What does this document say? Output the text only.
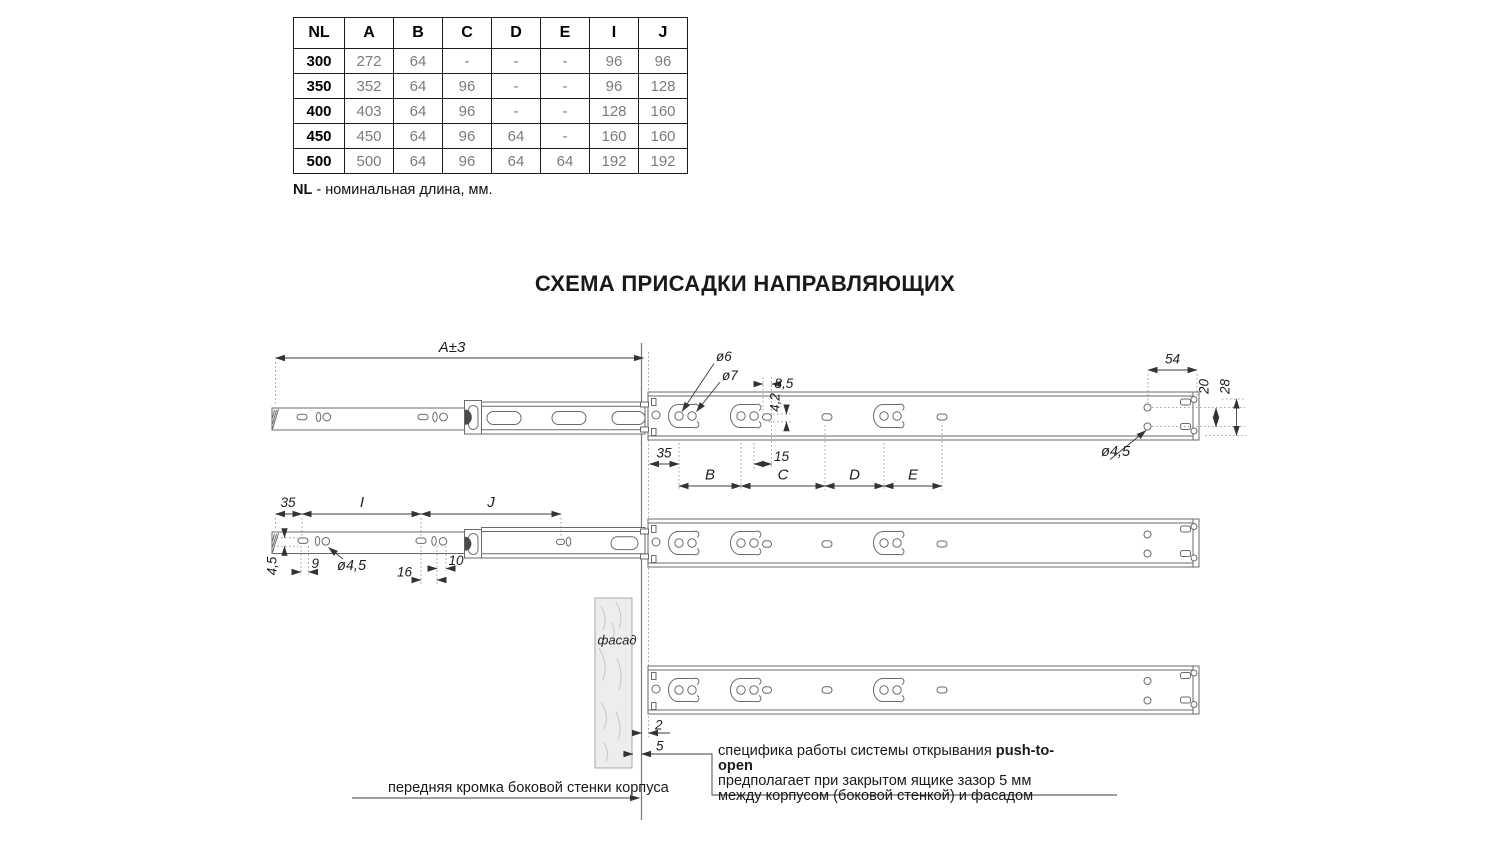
NL	A	B	C	D	E	I	J
300	272	64	-	-	-	96	96
350	352	64	96	-	-	96	128
400	403	64	96	-	-	128	160
450	450	64	96	64	-	160	160
500	500	64	96	64	64	192	192
NL - номинальная длина, мм.
СХЕМА ПРИСАДКИ НАПРАВЛЯЮЩИХ
A±3
ø6
ø7
8,5
4,2
35	15
B	C	D	E
54
20 28
ø4,5
35	I	J
4,5 9 ø4,5 16
10
фасад
2
5
передняя кромка боковой стенки корпуса
специфика работы системы открывания push-to-open
предполагает при закрытом ящике зазор 5 мм
между корпусом (боковой стенкой) и фасадом
